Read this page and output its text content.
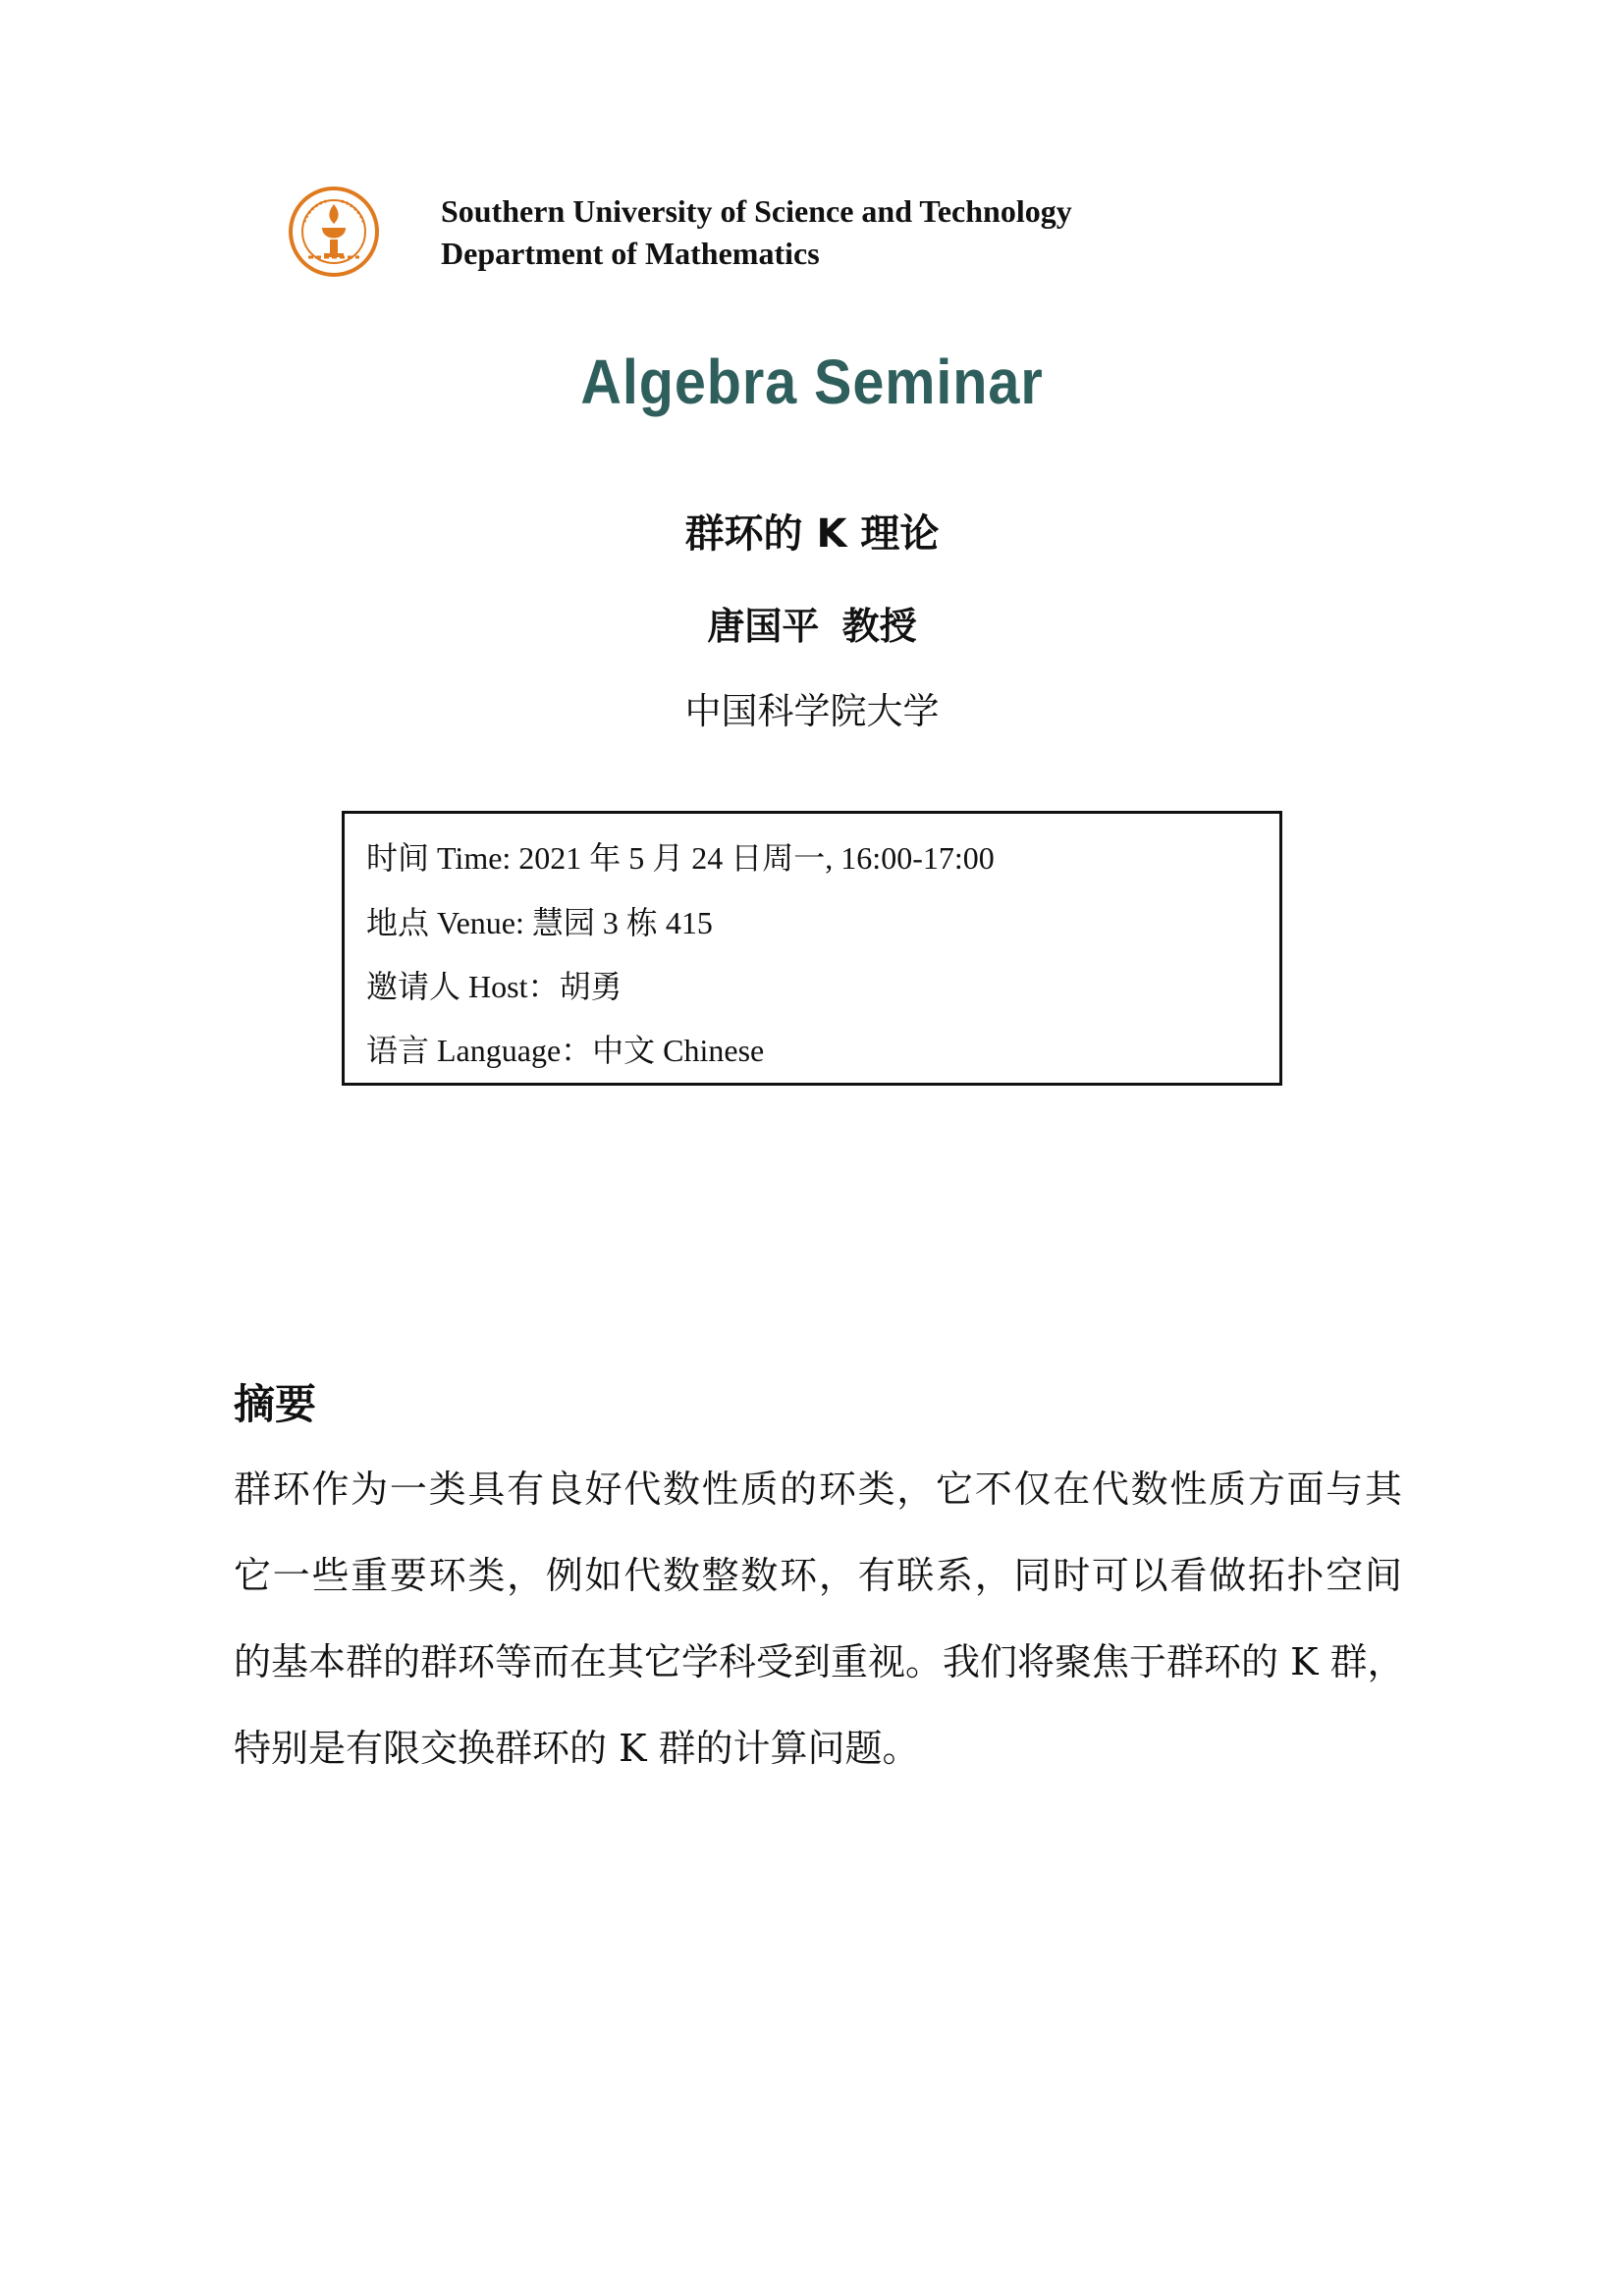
Southern University of Science and Technology
Department of Mathematics
Algebra Seminar
群环的 K 理论
唐国平 教授
中国科学院大学
时间 Time: 2021 年 5 月 24 日周一, 16:00-17:00
地点 Venue: 慧园 3 栋 415
邀请人 Host：胡勇
语言 Language：中文 Chinese
摘要
群环作为一类具有良好代数性质的环类，它不仅在代数性质方面与其
它一些重要环类，例如代数整数环，有联系，同时可以看做拓扑空间
的基本群的群环等而在其它学科受到重视。我们将聚焦于群环的 K 群，
特别是有限交换群环的 K 群的计算问题。
